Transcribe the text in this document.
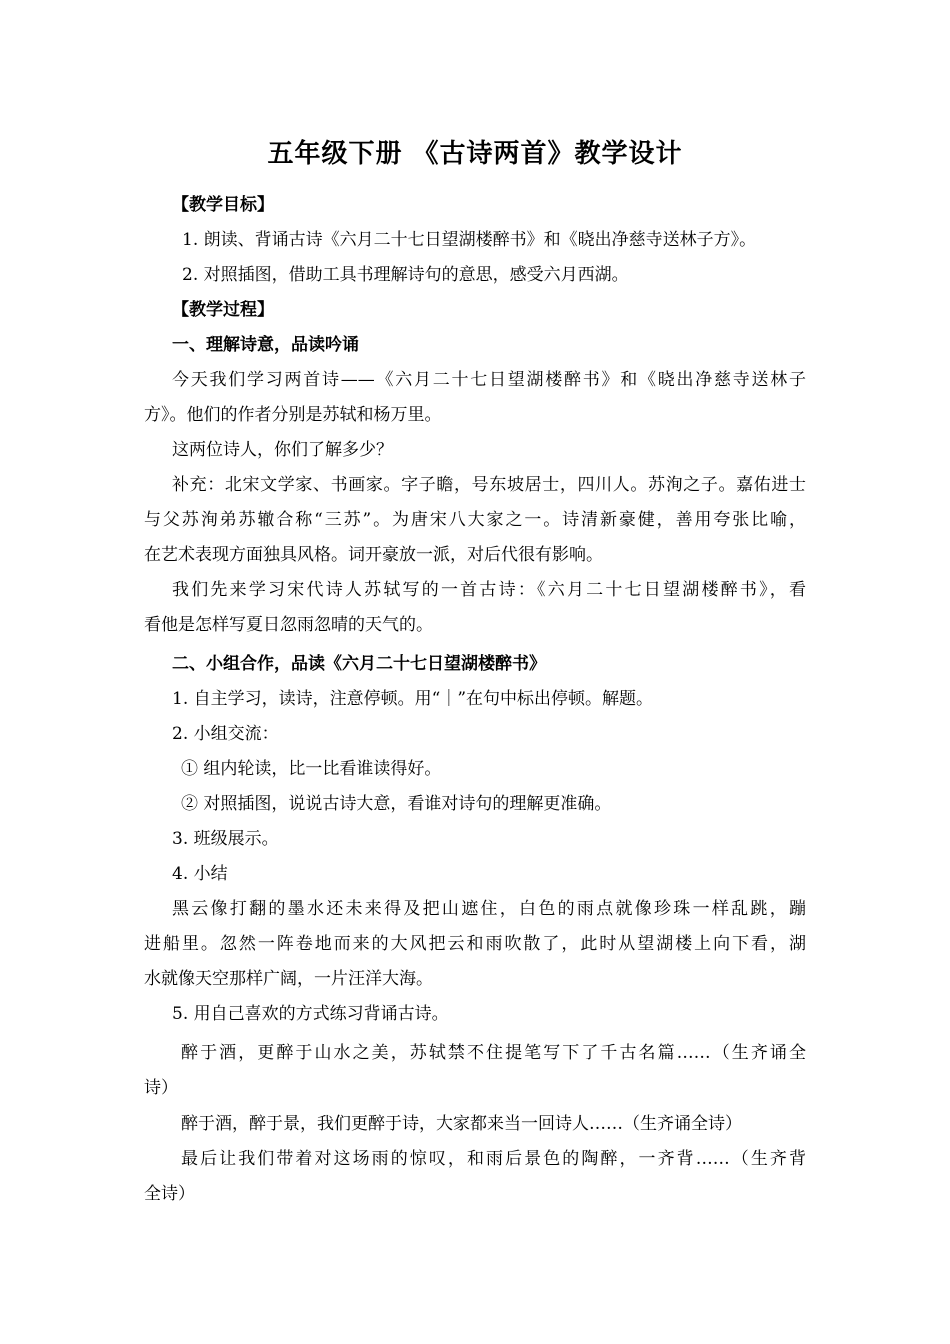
五年级下册 《古诗两首》教学设计
【教学目标】
1. 朗读、背诵古诗《六月二十七日望湖楼醉书》和《晓出净慈寺送林子方》。
2. 对照插图，借助工具书理解诗句的意思，感受六月西湖。
【教学过程】
一、理解诗意，品读吟诵
今天我们学习两首诗——《六月二十七日望湖楼醉书》和《晓出净慈寺送林子
方》。他们的作者分别是苏轼和杨万里。
这两位诗人，你们了解多少？
补充：北宋文学家、书画家。字子瞻，号东坡居士，四川人。苏洵之子。嘉佑进士
与父苏洵弟苏辙合称“三苏”。为唐宋八大家之一。诗清新豪健，善用夸张比喻，
在艺术表现方面独具风格。词开豪放一派，对后代很有影响。
我们先来学习宋代诗人苏轼写的一首古诗：《六月二十七日望湖楼醉书》，看
看他是怎样写夏日忽雨忽晴的天气的。
二、小组合作，品读《六月二十七日望湖楼醉书》
1. 自主学习，读诗，注意停顿。用“｜”在句中标出停顿。解题。
2. 小组交流：
① 组内轮读，比一比看谁读得好。
② 对照插图，说说古诗大意，看谁对诗句的理解更准确。
3. 班级展示。
4. 小结
黑云像打翻的墨水还未来得及把山遮住，白色的雨点就像珍珠一样乱跳，蹦
进船里。忽然一阵卷地而来的大风把云和雨吹散了，此时从望湖楼上向下看，湖
水就像天空那样广阔，一片汪洋大海。
5. 用自己喜欢的方式练习背诵古诗。
醉于酒，更醉于山水之美，苏轼禁不住提笔写下了千古名篇……（生齐诵全
诗）
醉于酒，醉于景，我们更醉于诗，大家都来当一回诗人……（生齐诵全诗）
最后让我们带着对这场雨的惊叹，和雨后景色的陶醉，一齐背……（生齐背
全诗）
